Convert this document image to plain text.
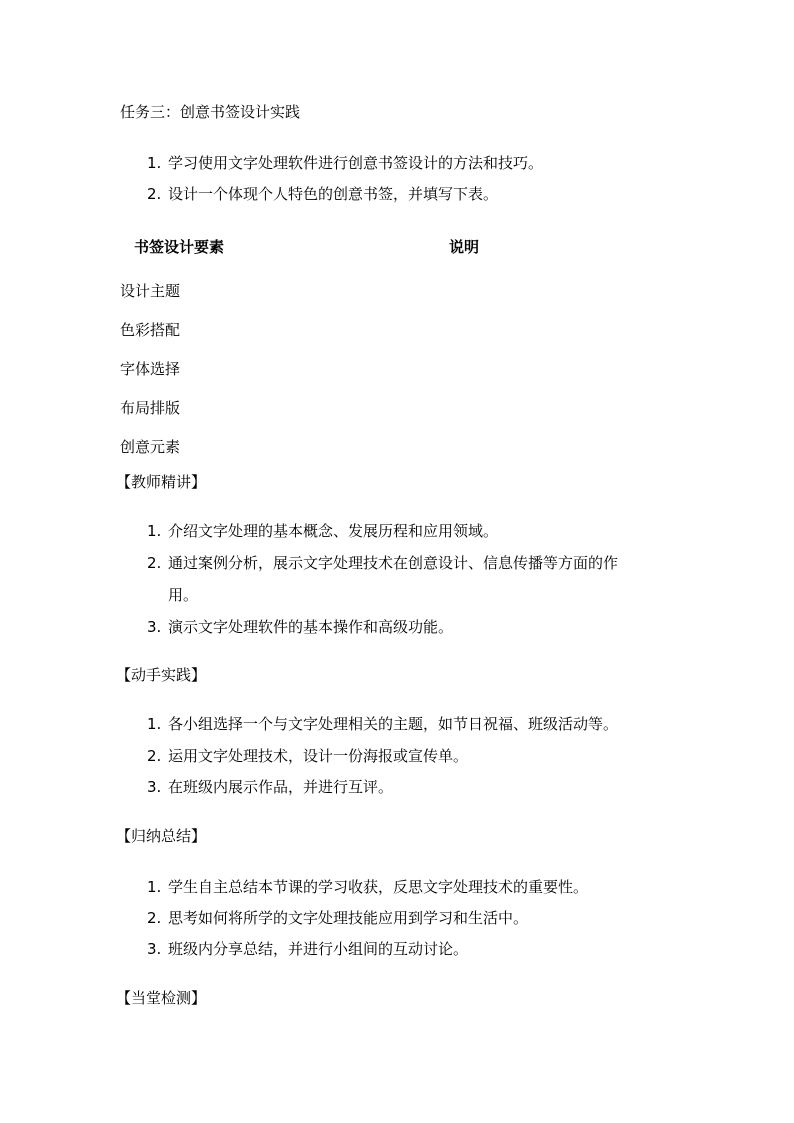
任务三：创意书签设计实践
1. 学习使用文字处理软件进行创意书签设计的方法和技巧。
2. 设计一个体现个人特色的创意书签，并填写下表。
书签设计要素	说明
设计主题
色彩搭配
字体选择
布局排版
创意元素
【教师精讲】
1. 介绍文字处理的基本概念、发展历程和应用领域。
2. 通过案例分析，展示文字处理技术在创意设计、信息传播等方面的作
用。
3. 演示文字处理软件的基本操作和高级功能。
【动手实践】
1. 各小组选择一个与文字处理相关的主题，如节日祝福、班级活动等。
2. 运用文字处理技术，设计一份海报或宣传单。
3. 在班级内展示作品，并进行互评。
【归纳总结】
1. 学生自主总结本节课的学习收获，反思文字处理技术的重要性。
2. 思考如何将所学的文字处理技能应用到学习和生活中。
3. 班级内分享总结，并进行小组间的互动讨论。
【当堂检测】
